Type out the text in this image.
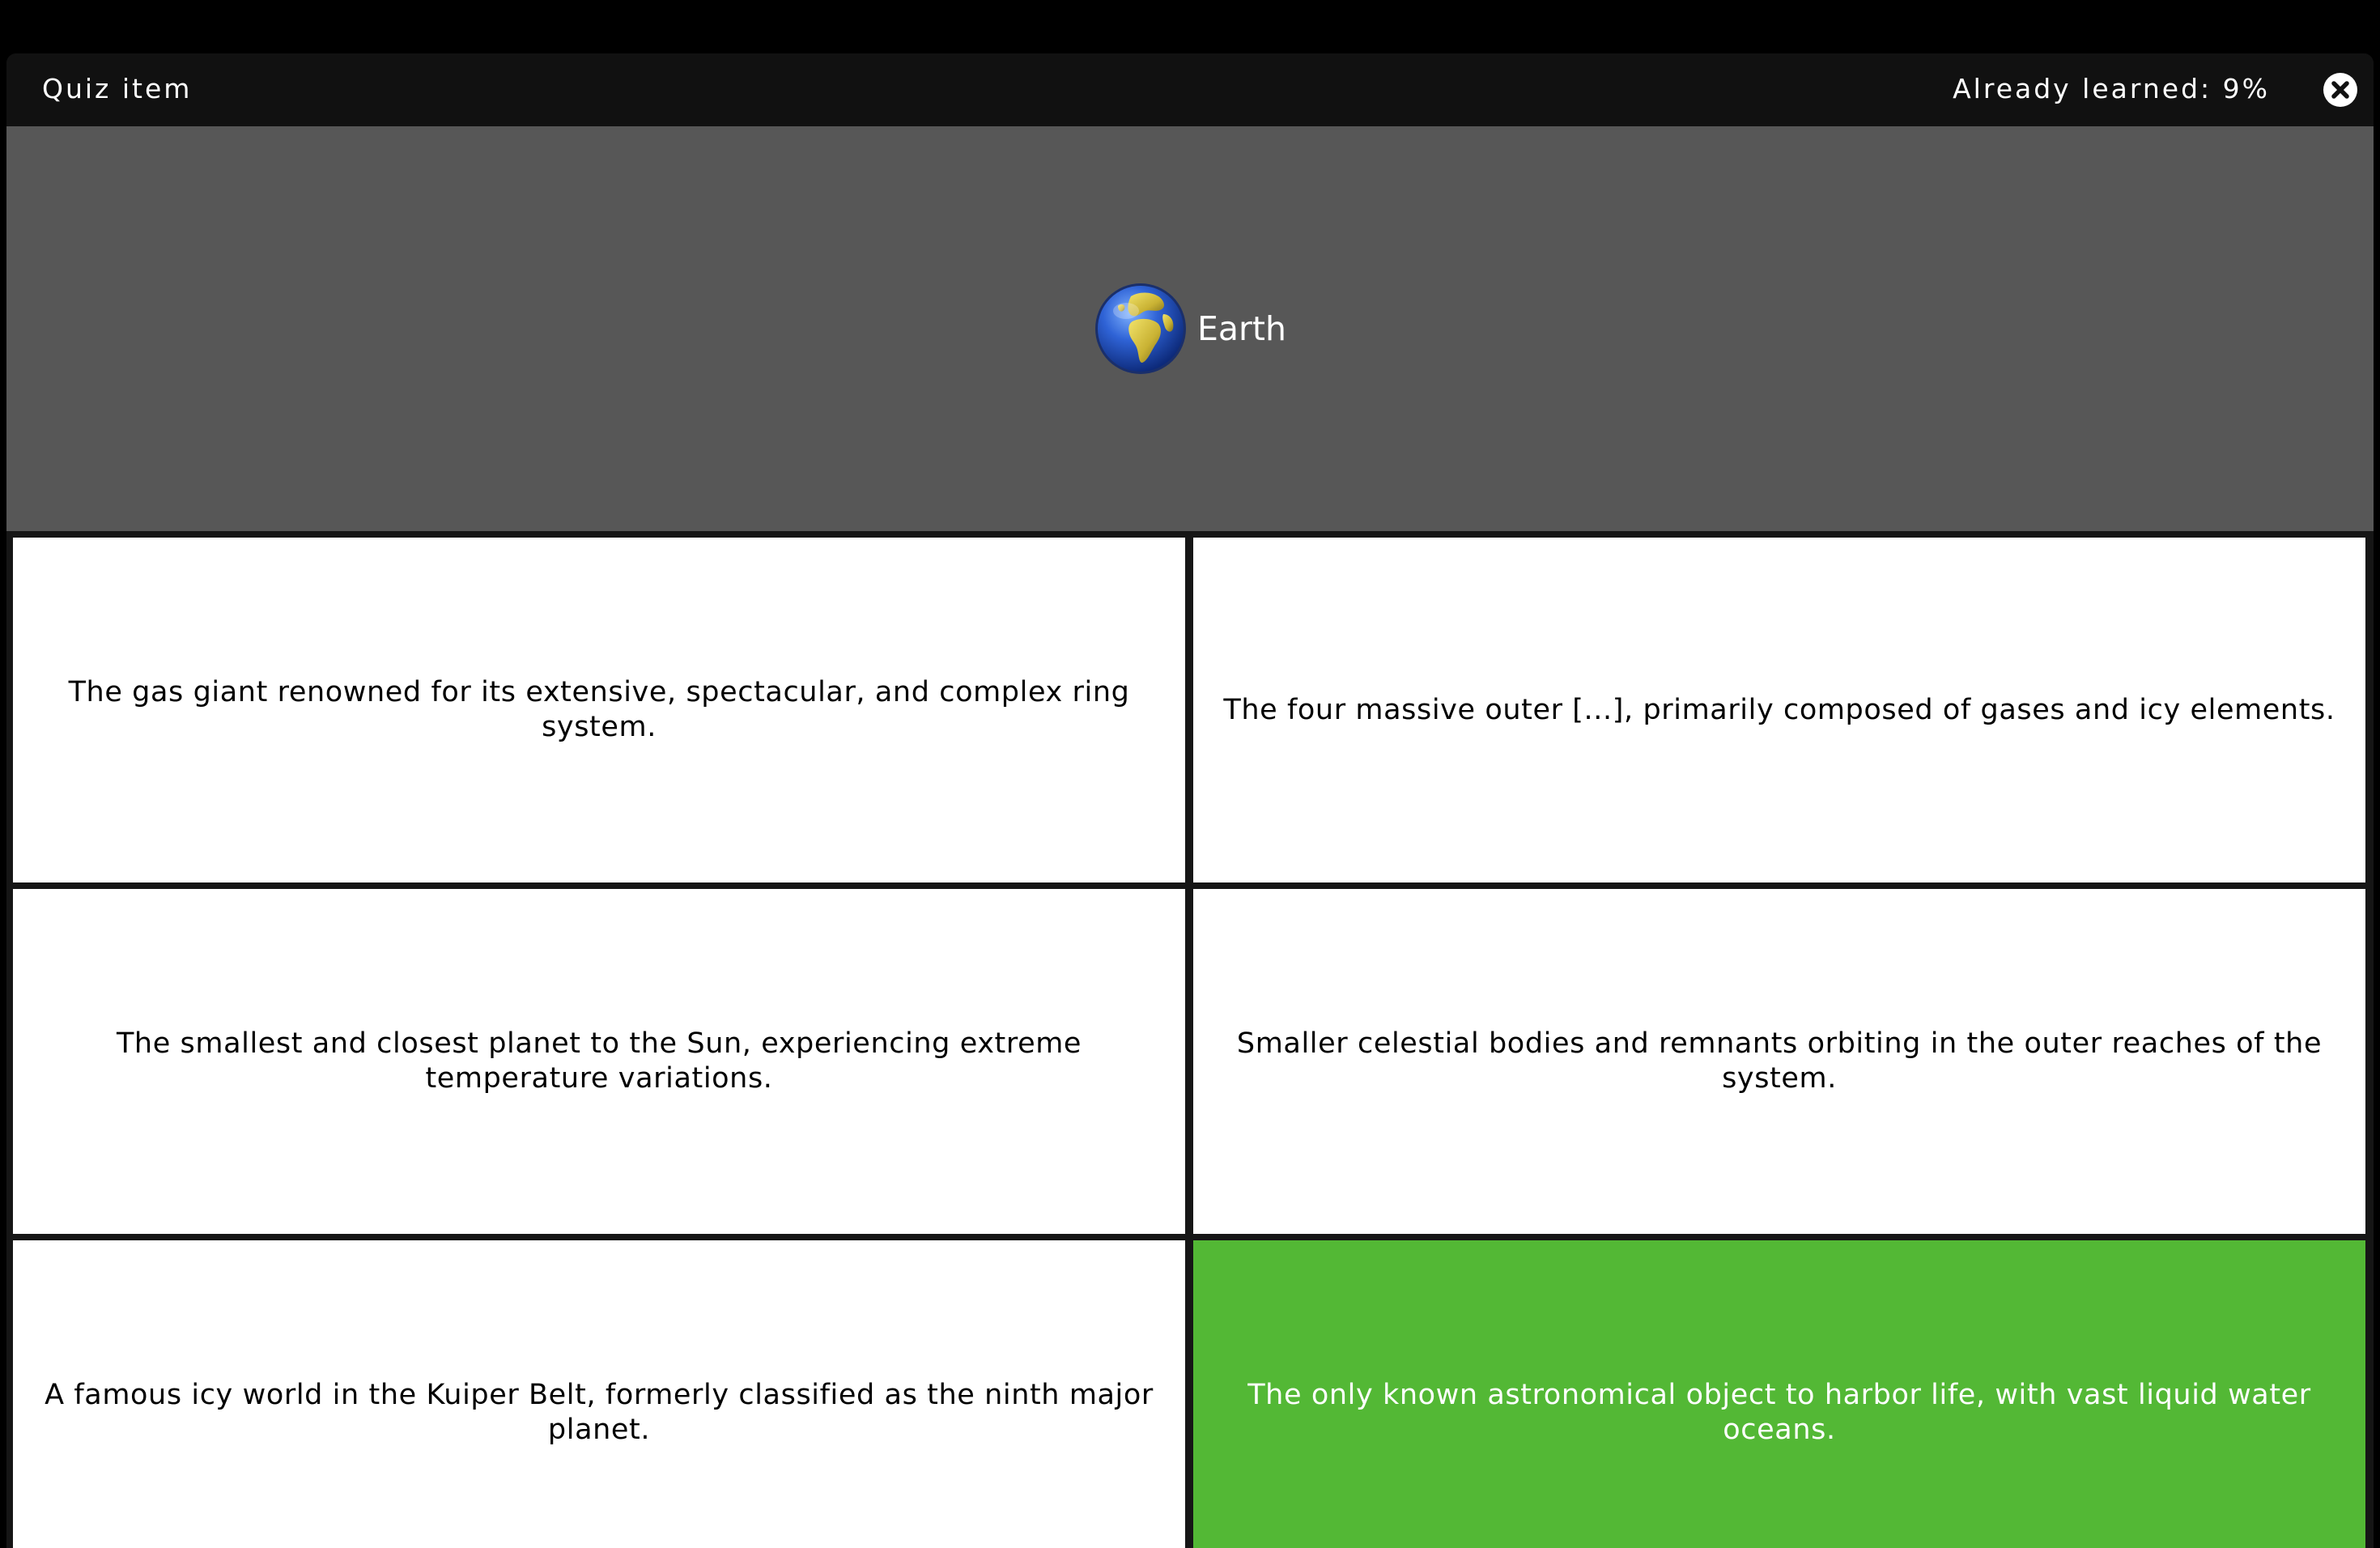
Quiz item	Already learned: 9%
Earth
The gas giant renowned for its extensive, spectacular, and complex ring system.
The four massive outer [...], primarily composed of gases and icy elements.
The smallest and closest planet to the Sun, experiencing extreme temperature variations.
Smaller celestial bodies and remnants orbiting in the outer reaches of the system.
A famous icy world in the Kuiper Belt, formerly classified as the ninth major planet.
The only known astronomical object to harbor life, with vast liquid water oceans.
